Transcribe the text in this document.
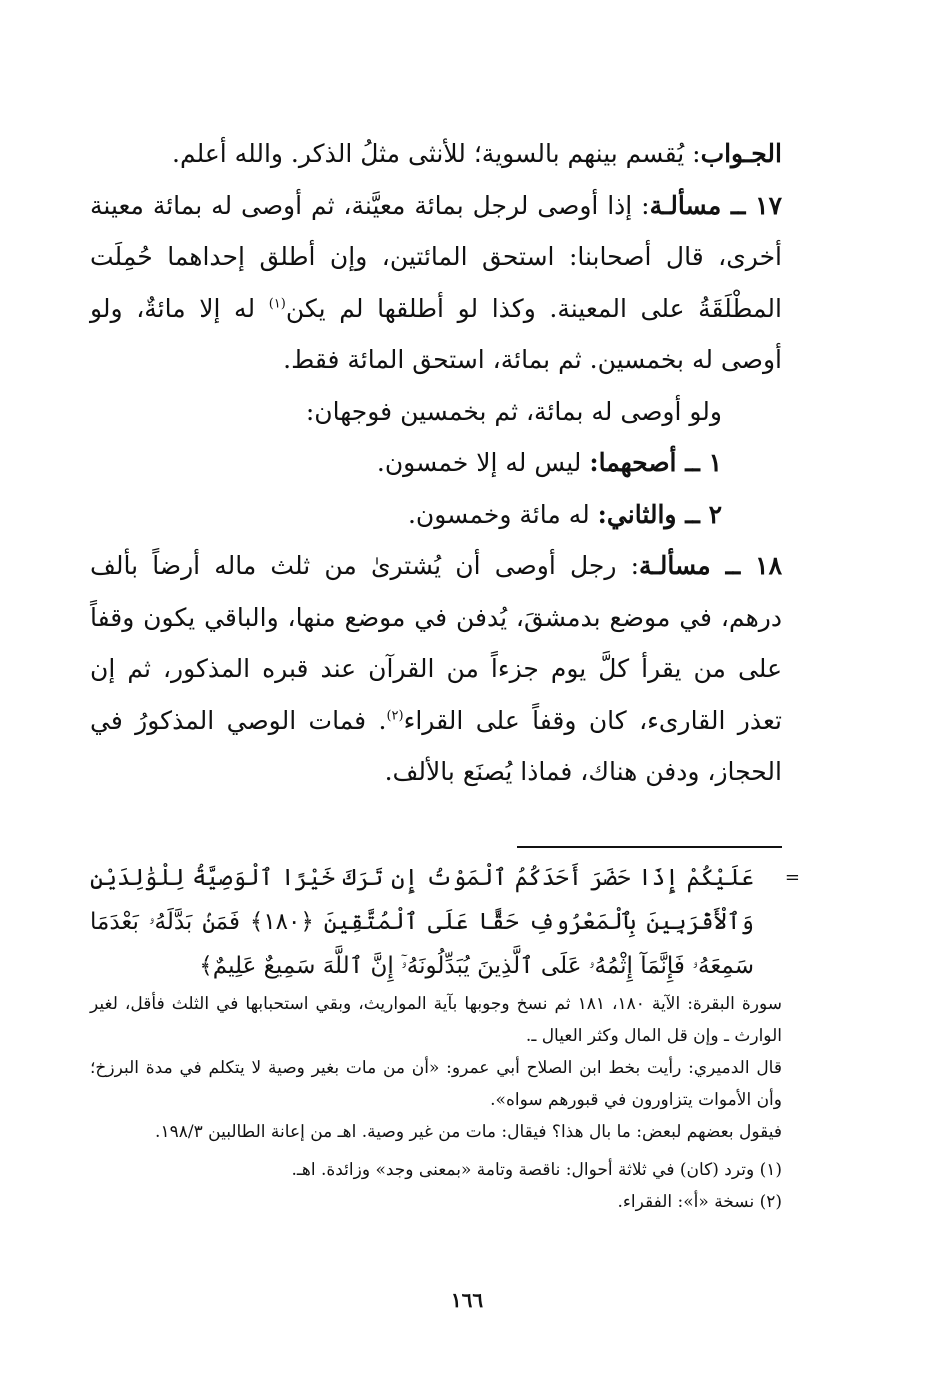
الجـواب: يُقسم بينهم بالسوية؛ للأنثى مثلُ الذكر. والله أعلم.

١٧ ــ مسألـة: إذا أوصى لرجل بمائة معيَّنة، ثم أوصى له بمائة معينة أخرى، قال أصحابنا: استحق المائتين، وإن أطلق إحداهما حُمِلَت المطْلَقَةُ على المعينة. وكذا لو أطلقها لم يكن$^{(١)}$ له إلا مائةٌ، ولو أوصى له بخمسين. ثم بمائة، استحق المائة فقط.

ولو أوصى له بمائة، ثم بخمسين فوجهان:

١ ــ أصحهما: ليس له إلا خمسون.

٢ ــ والثاني: له مائة وخمسون.

١٨ ــ مسألـة: رجل أوصى أن يُشترىٰ من ثلث ماله أرضاً بألف درهم، في موضع بدمشقَ، يُدفن في موضع منها، والباقي يكون وقفاً على من يقرأ كلَّ يوم جزءاً من القرآن عند قبره المذكور، ثم إن تعذر القارىء، كان وقفاً على القراء$^{(٢)}$. فمات الوصي المذكورُ في الحجاز، ودفن هناك، فماذا يُصنَع بالألف.

=
عَلَيْكُمْ إِذَا حَضَرَ أَحَدَكُمُ ٱلْمَوْتُ إِن تَرَكَ خَيْرًا ٱلْوَصِيَّةُ لِلْوَٰلِدَيْنِ وَٱلْأَقْرَبِينَ بِٱلْمَعْرُوفِ حَقًّا عَلَى ٱلْمُتَّقِينَ ﴿١٨٠﴾ فَمَنۢ بَدَّلَهُۥ بَعْدَمَا سَمِعَهُۥ فَإِنَّمَآ إِثْمُهُۥ عَلَى ٱلَّذِينَ يُبَدِّلُونَهُۥٓ إِنَّ ٱللَّهَ سَمِيعٌ عَلِيمٌ﴾

سورة البقرة: الآية ١٨٠، ١٨١ ثم نسخ وجوبها بآية المواريث، وبقي استحبابها في الثلث فأقل، لغير الوارث ـ وإن قل المال وكثر العيال ـ.

قال الدميري: رأيت بخط ابن الصلاح أبي عمرو: «أن من مات بغير وصية لا يتكلم في مدة البرزخ؛ وأن الأموات يتزاورون في قبورهم سواه».

فيقول بعضهم لبعض: ما بال هذا؟ فيقال: مات من غير وصية. اهـ من إعانة الطالبين ١٩٨/٣.

(١) وترد (كان) في ثلاثة أحوال: ناقصة وتامة «بمعنى وجد» وزائدة. اهـ.

(٢) نسخة «أ»: الفقراء.

١٦٦
